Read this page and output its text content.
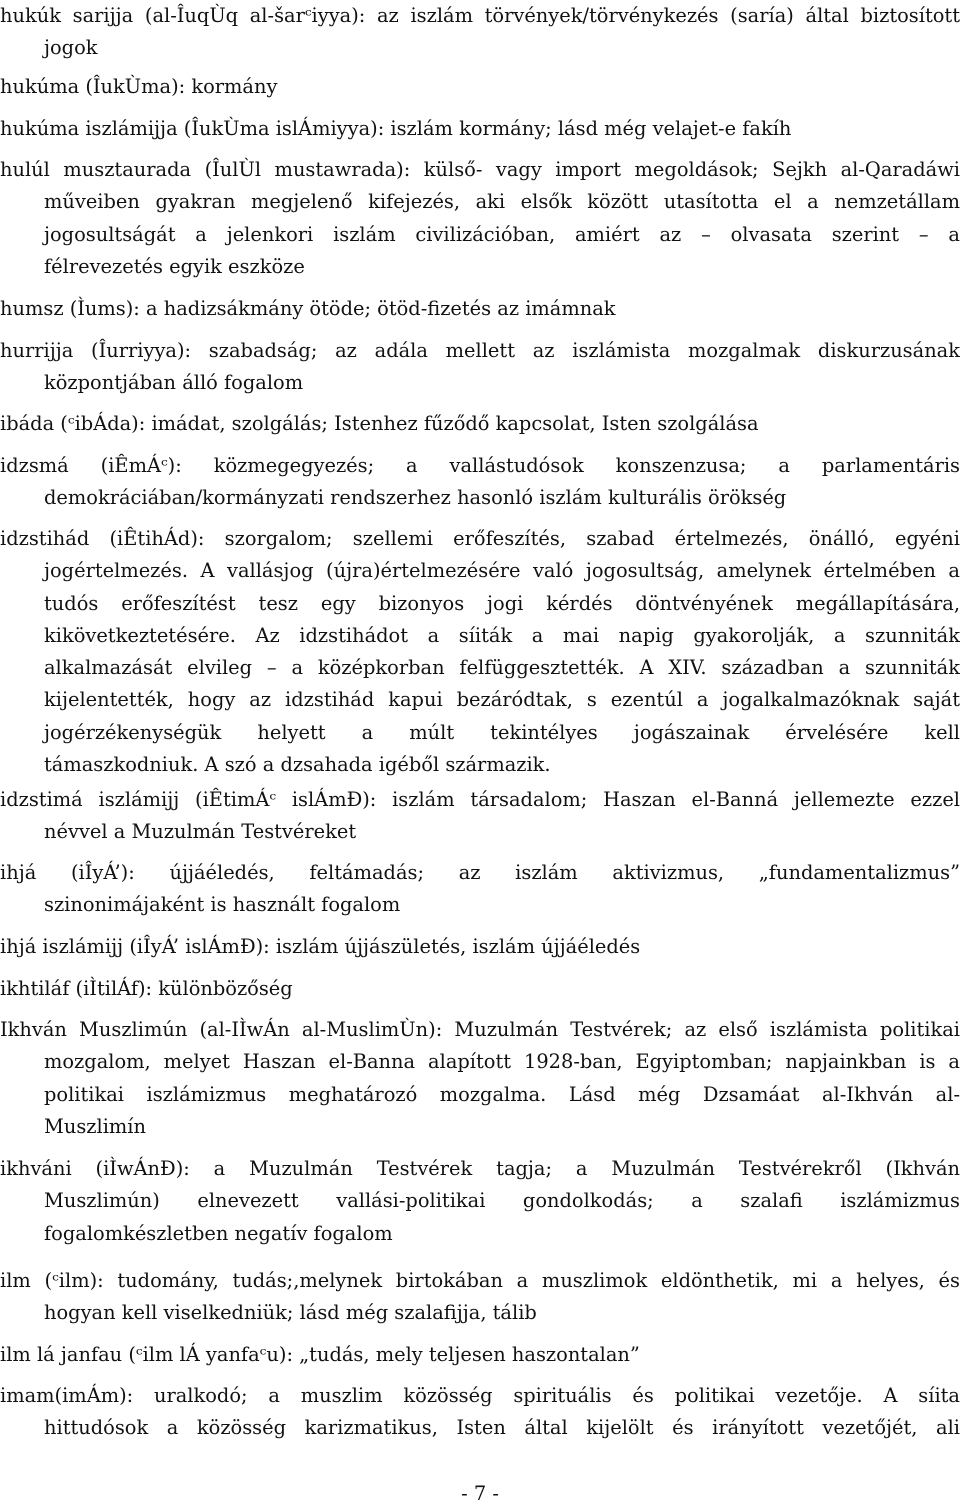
hukúk sarijja (al-ÎuqÙq al-šarᶜiyya): az iszlám törvények/törvénykezés (saría) által biztosított
jogok
hukúma (ÎukÙma): kormány
hukúma iszlámijja (ÎukÙma islÁmiyya): iszlám kormány; lásd még velajet-e fakíh
hulúl musztaurada (ÎulÙl mustawrada): külső- vagy import megoldások; Sejkh al-Qaradáwi
műveiben gyakran megjelenő kifejezés, aki elsők között utasította el a nemzetállam
jogosultságát a jelenkori iszlám civilizációban, amiért az – olvasata szerint – a
félrevezetés egyik eszköze
humsz (Ìums): a hadizsákmány ötöde; ötöd-fizetés az imámnak
hurrijja (Îurriyya): szabadság; az adála mellett az iszlámista mozgalmak diskurzusának
központjában álló fogalom
ibáda (ᶜibÁda): imádat, szolgálás; Istenhez fűződő kapcsolat, Isten szolgálása
idzsmá (iÊmÁᶜ): közmegegyezés; a vallástudósok konszenzusa; a parlamentáris
demokráciában/kormányzati rendszerhez hasonló iszlám kulturális örökség
idzstihád (iÊtihÁd): szorgalom; szellemi erőfeszítés, szabad értelmezés, önálló, egyéni
jogértelmezés. A vallásjog (újra)értelmezésére való jogosultság, amelynek értelmében a
tudós erőfeszítést tesz egy bizonyos jogi kérdés döntvényének megállapítására,
kikövetkeztetésére. Az idzstihádot a síiták a mai napig gyakorolják, a szunniták
alkalmazását elvileg – a középkorban felfüggesztették. A XIV. században a szunniták
kijelentették, hogy az idzstihád kapui bezáródtak, s ezentúl a jogalkalmazóknak saját
jogérzékenységük helyett a múlt tekintélyes jogászainak érvelésére kell
támaszkodniuk. A szó a dzsahada igéből származik.
idzstimá iszlámijj (iÊtimÁᶜ islÁmÐ): iszlám társadalom; Haszan el-Banná jellemezte ezzel
névvel a Muzulmán Testvéreket
ihjá (iÎyÁ’): újjáéledés, feltámadás; az iszlám aktivizmus, „fundamentalizmus”
szinonimájaként is használt fogalom
ihjá iszlámijj (iÎyÁ’ islÁmÐ): iszlám újjászületés, iszlám újjáéledés
ikhtiláf (iÌtilÁf): különbözőség
Ikhván Muszlimún (al-IÌwÁn al-MuslimÙn): Muzulmán Testvérek; az első iszlámista politikai
mozgalom, melyet Haszan el-Banna alapított 1928-ban, Egyiptomban; napjainkban is a
politikai iszlámizmus meghatározó mozgalma. Lásd még Dzsamáat al-Ikhván al-
Muszlimín
ikhváni (iÌwÁnÐ): a Muzulmán Testvérek tagja; a Muzulmán Testvérekről (Ikhván
Muszlimún) elnevezett vallási-politikai gondolkodás; a szalafi iszlámizmus
fogalomkészletben negatív fogalom
ilm (ᶜilm): tudomány, tudás;,melynek birtokában a muszlimok eldönthetik, mi a helyes, és
hogyan kell viselkedniük; lásd még szalafijja, tálib
ilm lá janfau (ᶜilm lÁ yanfaᶜu): „tudás, mely teljesen haszontalan”
imam(imÁm): uralkodó; a muszlim közösség spirituális és politikai vezetője. A síita
hittudósok a közösség karizmatikus, Isten által kijelölt és irányított vezetőjét, ali
- 7 -
